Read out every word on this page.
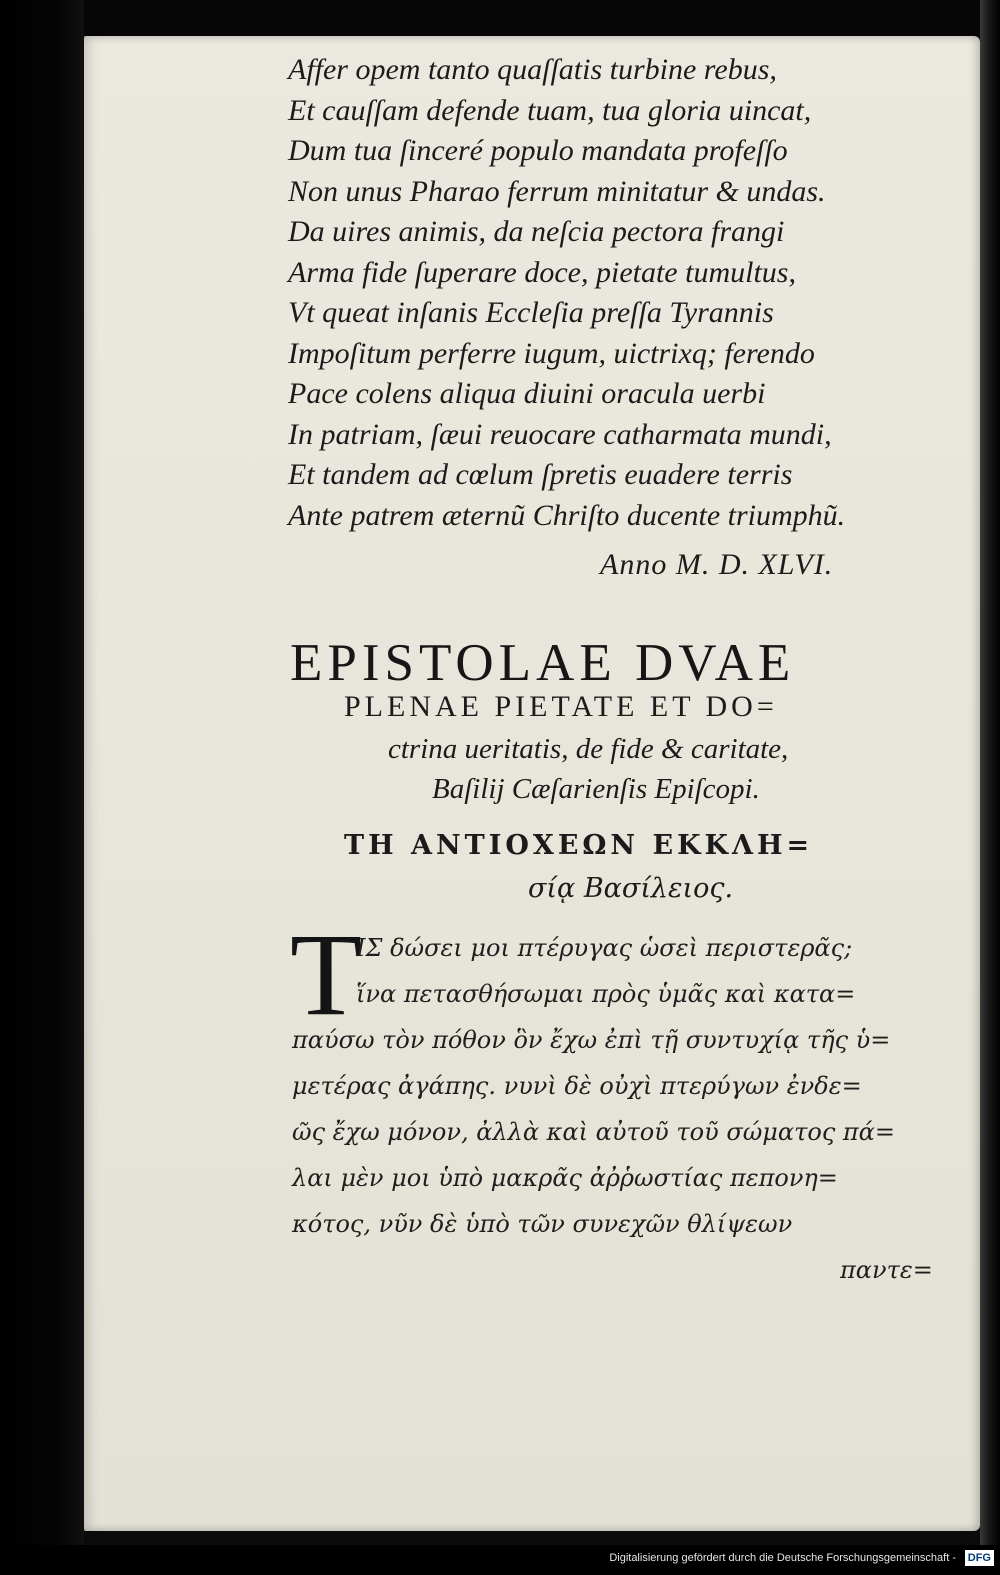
Affer opem tanto quaſſatis turbine rebus,
Et cauſſam defende tuam, tua gloria uincat,
Dum tua ſinceré populo mandata profeſſo
Non unus Pharao ferrum minitatur & undas.
Da uires animis, da neſcia pectora frangi
Arma fide ſuperare doce, pietate tumultus,
Vt queat inſanis Eccleſia preſſa Tyrannis
Impoſitum perferre iugum, uictrixq; ferendo
Pace colens aliqua diuini oracula uerbi
In patriam, ſæui reuocare catharmata mundi,
Et tandem ad cœlum ſpretis euadere terris
Ante patrem æternũ Chriſto ducente triumphũ.
Anno M. D. XLVI.
EPISTOLAE DVAE
PLENAE PIETATE ET DO=
ctrina ueritatis, de fide & caritate,
Baſilij Cæſarienſis Epiſcopi.
ΤΗ ΑΝΤΙΟΧΕΩΝ ΕΚΚΛΗ=
σίᾳ Βασίλειος.
T
ΙΣ δώσει μοι πτέρυγας ὡσεὶ περιστερᾶς;
ἵνα πετασθήσωμαι πρὸς ὑμᾶς καὶ κατα=
παύσω τὸν πόθον ὃν ἔχω ἐπὶ τῇ συντυχίᾳ τῆς ὑ=
μετέρας ἀγάπης. νυνὶ δὲ οὐχὶ πτερύγων ἐνδε=
ῶς ἔχω μόνον, ἀλλὰ καὶ αὐτοῦ τοῦ σώματος πά=
λαι μὲν μοι ὑπὸ μακρᾶς ἀῤῥωστίας πεπονη=
κότος, νῦν δὲ ὑπὸ τῶν συνεχῶν θλίψεων
παντε=
Digitalisierung gefördert durch die Deutsche Forschungsgemeinschaft - DFG
